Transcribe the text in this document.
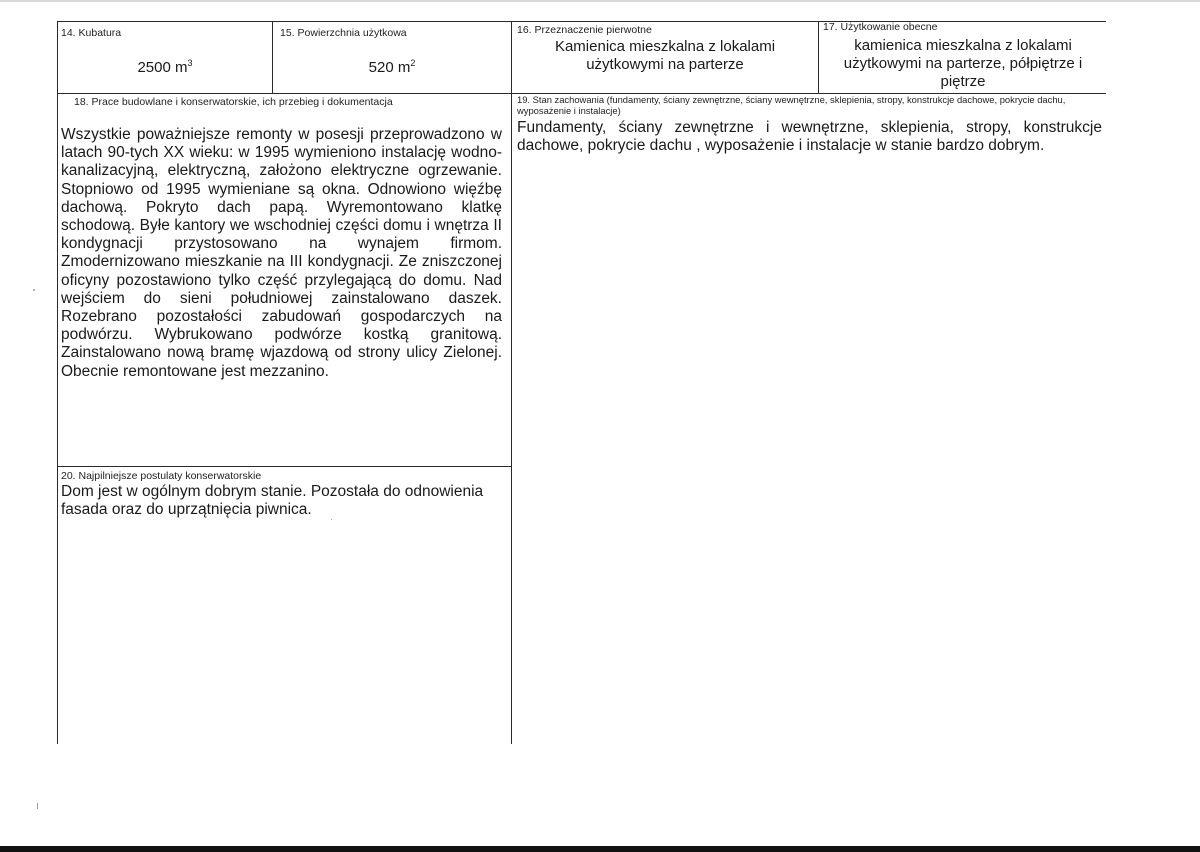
14. Kubatura
2500 $m^3$
15. Powierzchnia użytkowa
520 $m^2$
16. Przeznaczenie pierwotne
Kamienica mieszkalna z lokalami użytkowymi na parterze
17. Użytkowanie obecne
kamienica mieszkalna z lokalami użytkowymi na parterze, półpiętrze i piętrze
18. Prace budowlane i konserwatorskie, ich przebieg i dokumentacja
Wszystkie poważniejsze remonty w posesji przeprowadzono w latach 90-tych XX wieku: w 1995 wymieniono instalację wodno-kanalizacyjną, elektryczną, założono elektryczne ogrzewanie. Stopniowo od 1995 wymieniane są okna. Odnowiono więźbę dachową. Pokryto dach papą. Wyremontowano klatkę schodową. Byłe kantory we wschodniej części domu i wnętrza II kondygnacji przystosowano na wynajem firmom. Zmodernizowano mieszkanie na III kondygnacji. Ze zniszczonej oficyny pozostawiono tylko część przylegającą do domu. Nad wejściem do sieni południowej zainstalowano daszek. Rozebrano pozostałości zabudowań gospodarczych na podwórzu. Wybrukowano podwórze kostką granitową. Zainstalowano nową bramę wjazdową od strony ulicy Zielonej. Obecnie remontowane jest mezzanino.
19. Stan zachowania (fundamenty, ściany zewnętrzne, ściany wewnętrzne, sklepienia, stropy, konstrukcje dachowe, pokrycie dachu, wyposażenie i instalacje)
Fundamenty, ściany zewnętrzne i wewnętrzne, sklepienia, stropy, konstrukcje dachowe, pokrycie dachu , wyposażenie i instalacje w stanie bardzo dobrym.
20. Najpilniejsze postulaty konserwatorskie
Dom jest w ogólnym dobrym stanie. Pozostała do odnowienia fasada oraz do uprzątnięcia piwnica.
